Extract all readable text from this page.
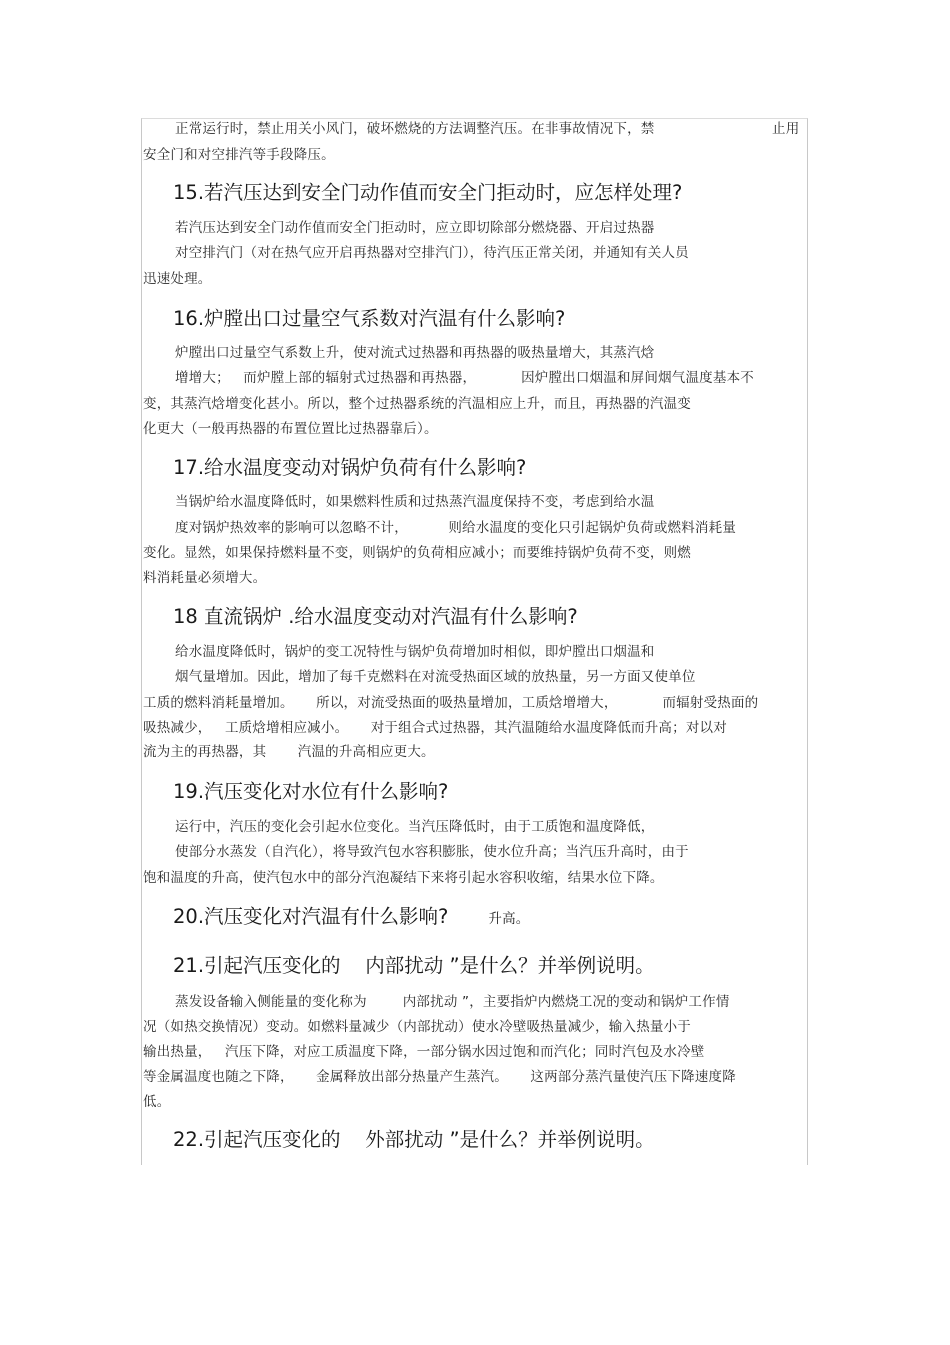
正常运行时，禁止用关小风门，破坏燃烧的方法调整汽压。在非事故情况下，禁	止用
安全门和对空排汽等手段降压。
15.若汽压达到安全门动作值而安全门拒动时，应怎样处理?
若汽压达到安全门动作值而安全门拒动时，应立即切除部分燃烧器、开启过热器
对空排汽门（对在热气应开启再热器对空排汽门），待汽压正常关闭，并通知有关人员
迅速处理。
16.炉膛出口过量空气系数对汽温有什么影响?
炉膛出口过量空气系数上升，使对流式过热器和再热器的吸热量增大，其蒸汽焓
增增大；   而炉膛上部的辐射式过热器和再热器，          因炉膛出口烟温和屏间烟气温度基本不
变，其蒸汽焓增变化甚小。所以，整个过热器系统的汽温相应上升，而且，再热器的汽温变
化更大（一般再热器的布置位置比过热器靠后）。
17.给水温度变动对锅炉负荷有什么影响?
当锅炉给水温度降低时，如果燃料性质和过热蒸汽温度保持不变，考虑到给水温
度对锅炉热效率的影响可以忽略不计，         则给水温度的变化只引起锅炉负荷或燃料消耗量
变化。显然，如果保持燃料量不变，则锅炉的负荷相应减小；而要维持锅炉负荷不变，则燃
料消耗量必须增大。
18 直流锅炉 .给水温度变动对汽温有什么影响?
给水温度降低时，锅炉的变工况特性与锅炉负荷增加时相似，即炉膛出口烟温和
烟气量增加。因此，增加了每千克燃料在对流受热面区域的放热量，另一方面又使单位
工质的燃料消耗量增加。     所以，对流受热面的吸热量增加，工质焓增增大，          而辐射受热面的
吸热减少，   工质焓增相应减小。     对于组合式过热器，其汽温随给水温度降低而升高；对以对
流为主的再热器，其       汽温的升高相应更大。
19.汽压变化对水位有什么影响?
运行中，汽压的变化会引起水位变化。当汽压降低时，由于工质饱和温度降低，
使部分水蒸发（自汽化），将导致汽包水容积膨胀，使水位升高；当汽压升高时，由于
饱和温度的升高，使汽包水中的部分汽泡凝结下来将引起水容积收缩，结果水位下降。
20.汽压变化对汽温有什么影响?	升高。
21.引起汽压变化的    内部扰动 ”是什么？并举例说明。
蒸发设备输入侧能量的变化称为        内部扰动 ”，主要指炉内燃烧工况的变动和锅炉工作情
况（如热交换情况）变动。如燃料量减少（内部扰动）使水冷壁吸热量减少，输入热量小于
输出热量，   汽压下降，对应工质温度下降，一部分锅水因过饱和而汽化；同时汽包及水冷壁
等金属温度也随之下降，     金属释放出部分热量产生蒸汽。     这两部分蒸汽量使汽压下降速度降
低。
22.引起汽压变化的    外部扰动 ”是什么？并举例说明。
